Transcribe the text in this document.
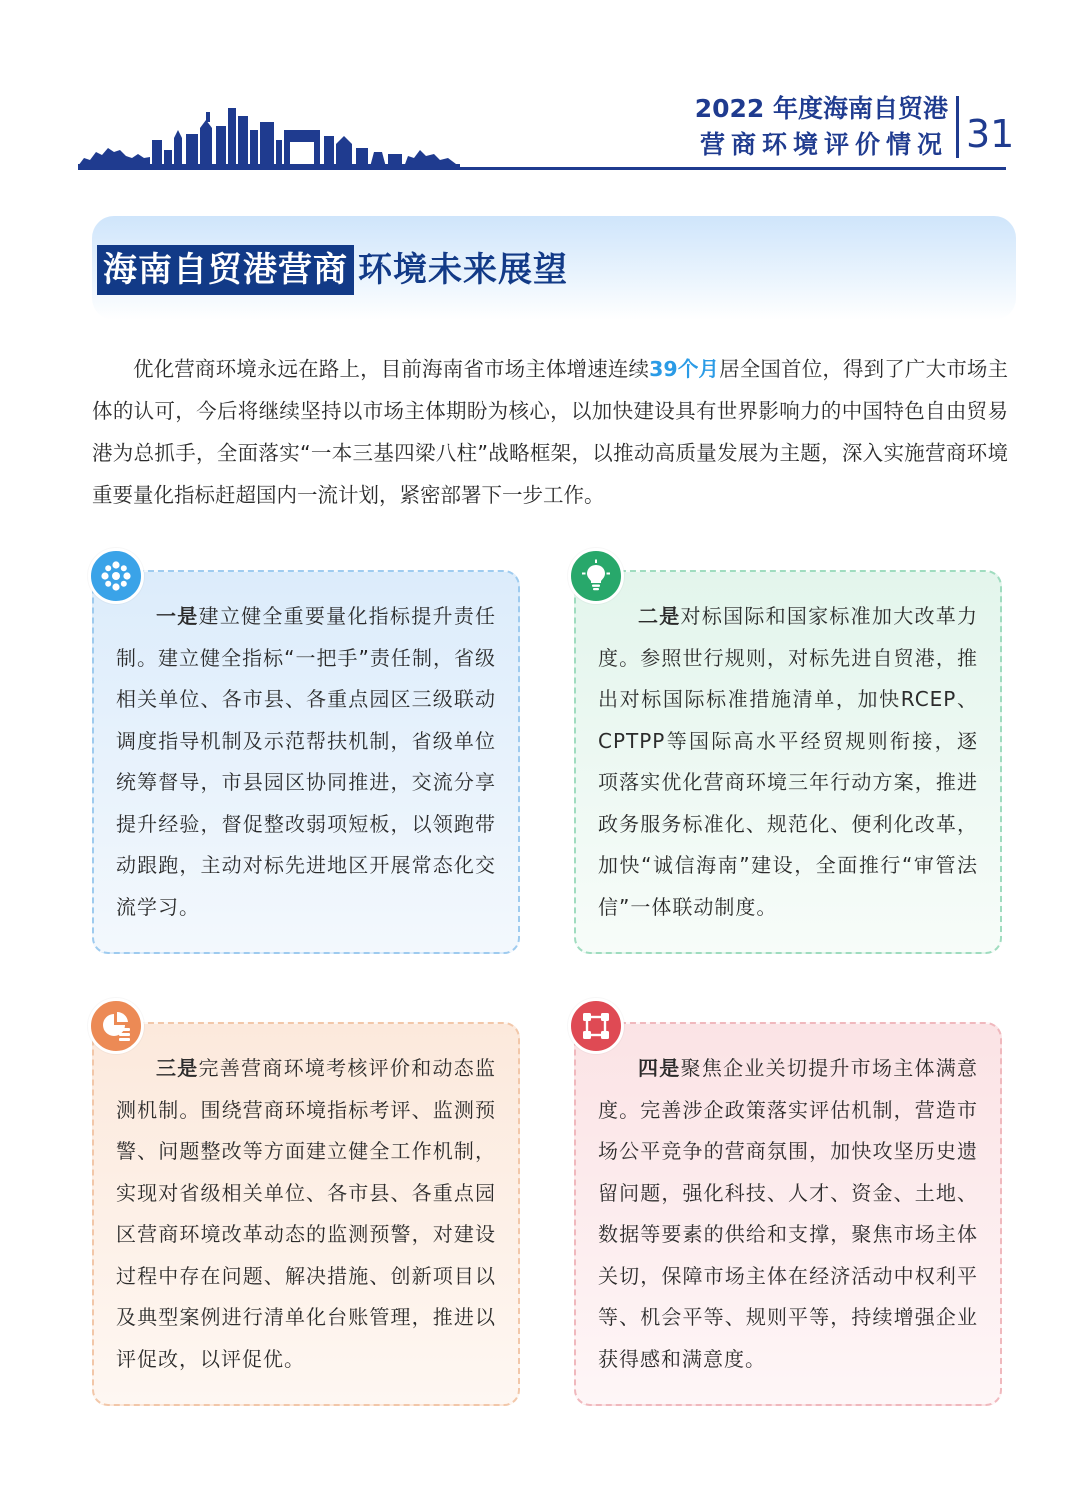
2022 年度海南自贸港
营商环境评价情况 31
海南自贸港营商 环境未来展望

优化营商环境永远在路上，目前海南省市场主体增速连续39个月居全国首位，得到了广大市场主体的认可，今后将继续坚持以市场主体期盼为核心，以加快建设具有世界影响力的中国特色自由贸易港为总抓手，全面落实“一本三基四梁八柱”战略框架，以推动高质量发展为主题，深入实施营商环境重要量化指标赶超国内一流计划，紧密部署下一步工作。

一是建立健全重要量化指标提升责任制。建立健全指标“一把手”责任制，省级相关单位、各市县、各重点园区三级联动调度指导机制及示范帮扶机制，省级单位统筹督导，市县园区协同推进，交流分享提升经验，督促整改弱项短板，以领跑带动跟跑，主动对标先进地区开展常态化交流学习。
二是对标国际和国家标准加大改革力度。参照世行规则，对标先进自贸港，推出对标国际标准措施清单，加快RCEP、CPTPP等国际高水平经贸规则衔接，逐项落实优化营商环境三年行动方案，推进政务服务标准化、规范化、便利化改革，加快“诚信海南”建设，全面推行“审管法信”一体联动制度。
三是完善营商环境考核评价和动态监测机制。围绕营商环境指标考评、监测预警、问题整改等方面建立健全工作机制，实现对省级相关单位、各市县、各重点园区营商环境改革动态的监测预警，对建设过程中存在问题、解决措施、创新项目以及典型案例进行清单化台账管理，推进以评促改，以评促优。
四是聚焦企业关切提升市场主体满意度。完善涉企政策落实评估机制，营造市场公平竞争的营商氛围，加快攻坚历史遗留问题，强化科技、人才、资金、土地、数据等要素的供给和支撑，聚焦市场主体关切，保障市场主体在经济活动中权利平等、机会平等、规则平等，持续增强企业获得感和满意度。
